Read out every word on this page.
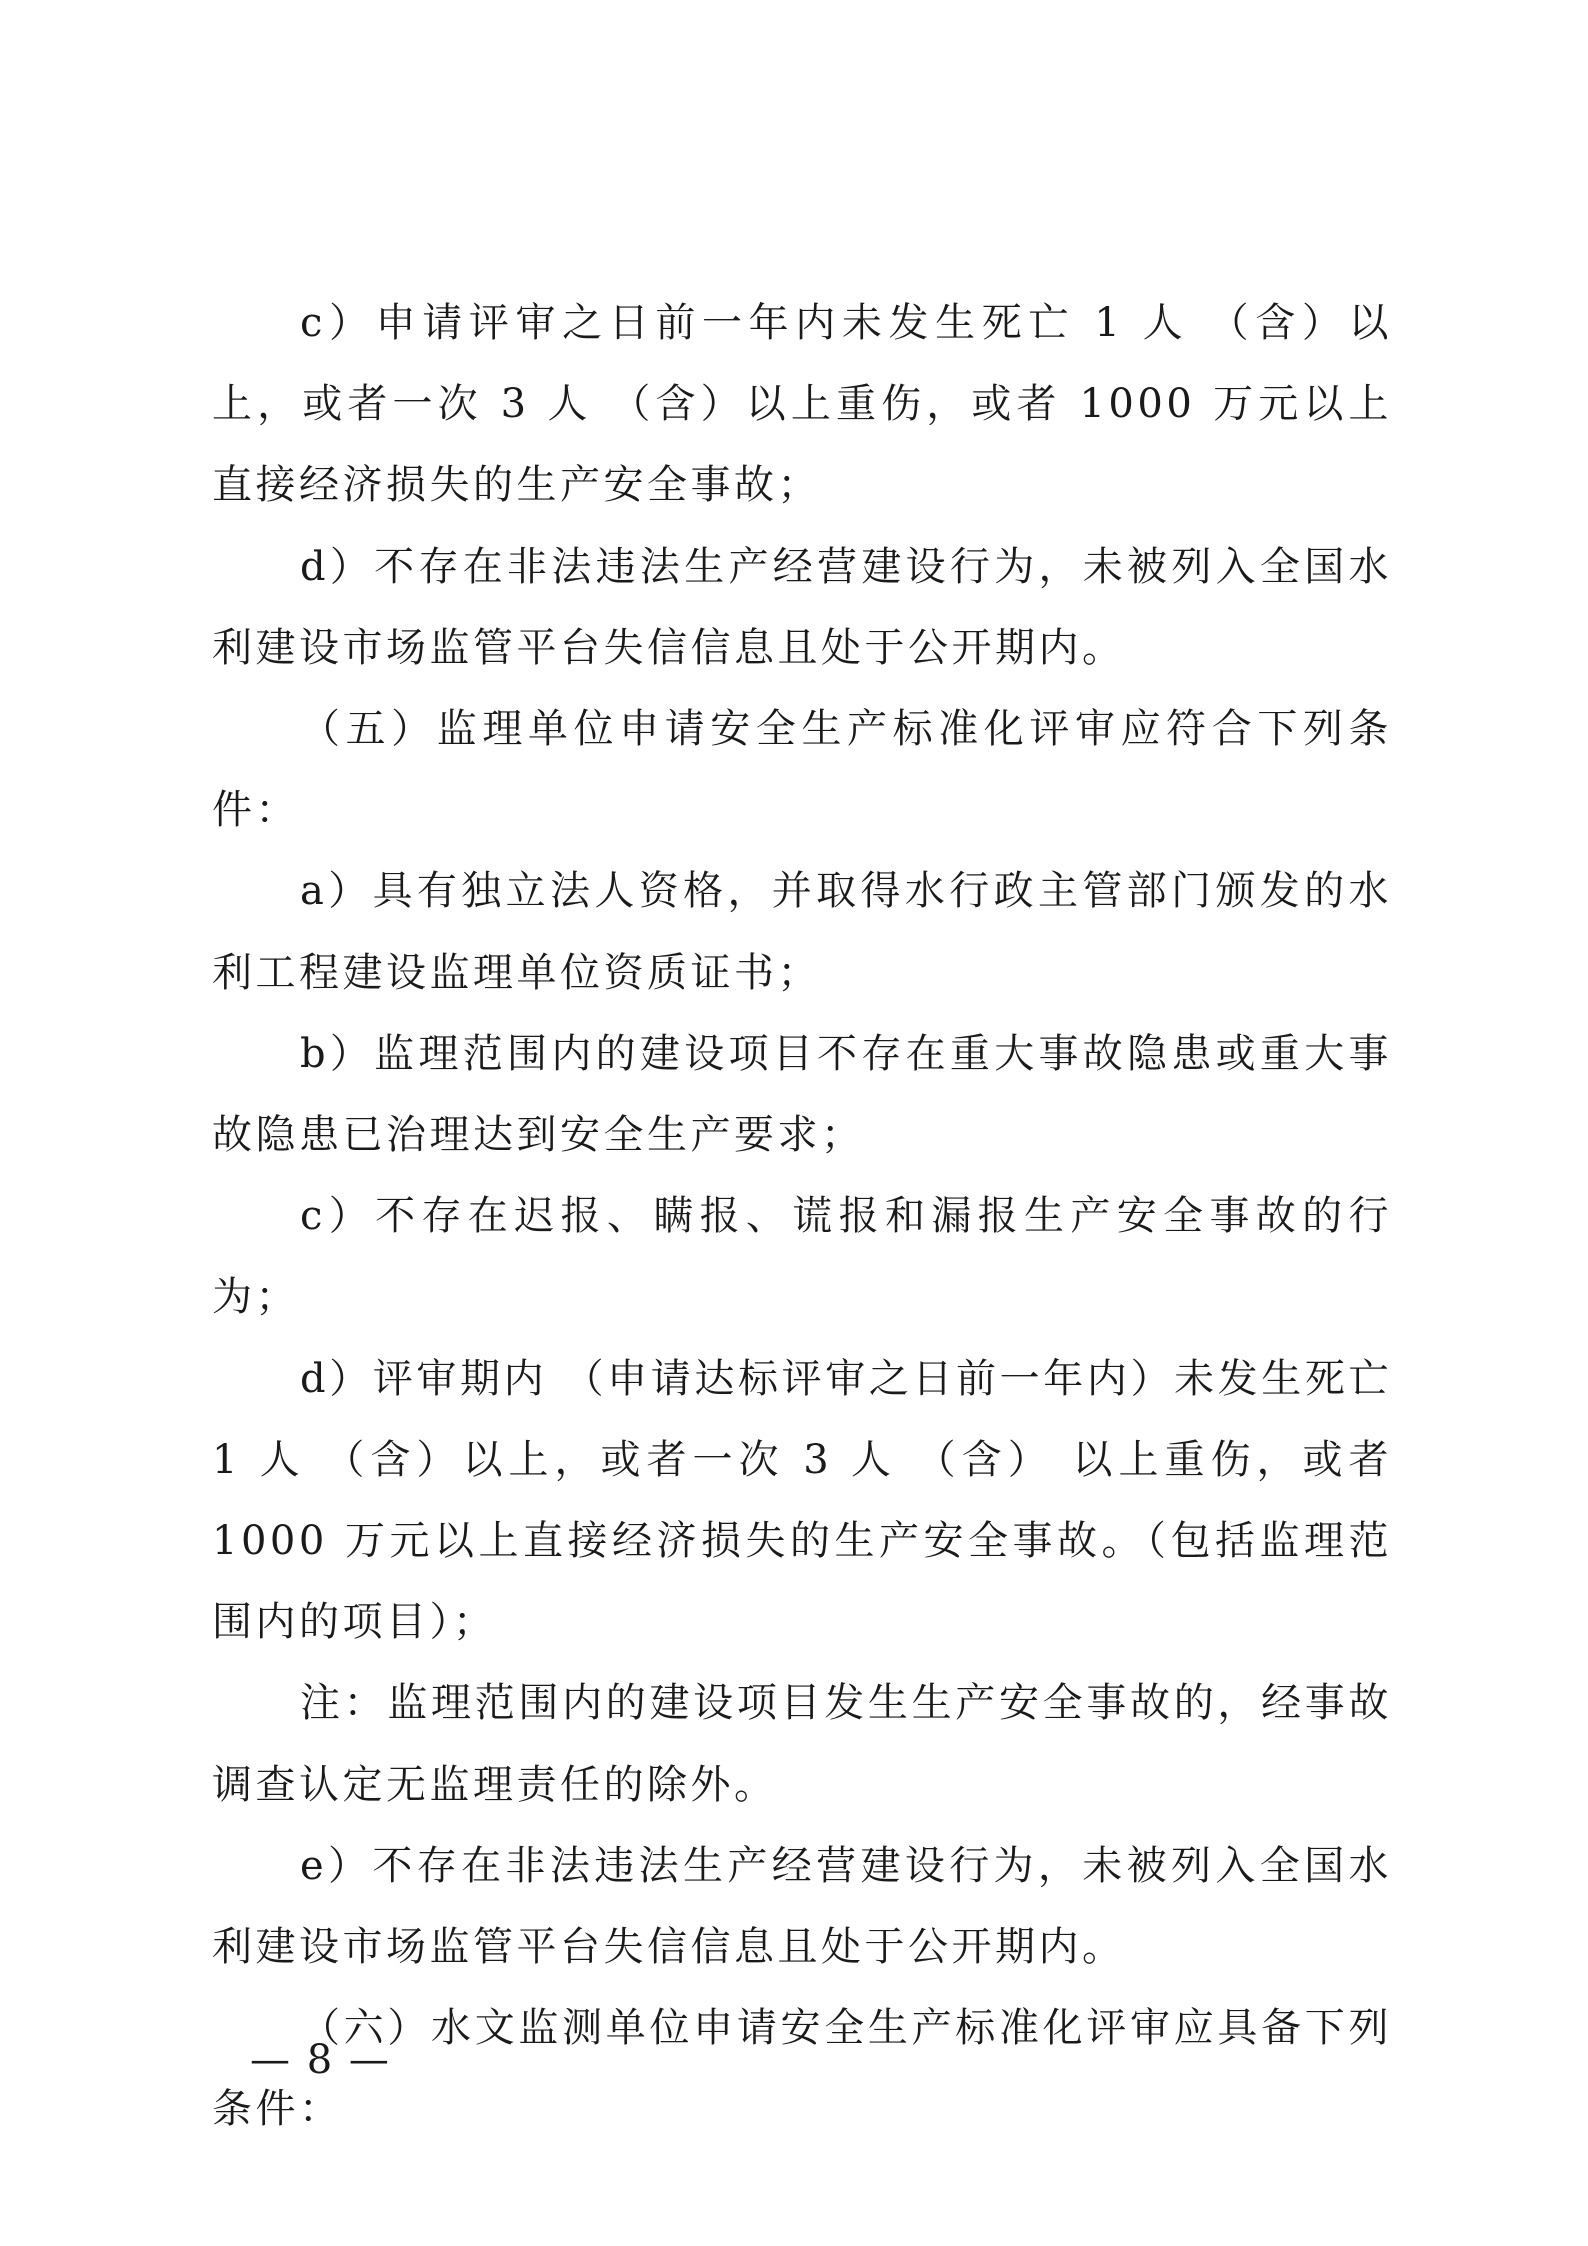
c）申请评审之日前一年内未发生死亡 1 人 （含）以上，或者一次 3 人 （含）以上重伤，或者 1000 万元以上直接经济损失的生产安全事故；

d）不存在非法违法生产经营建设行为，未被列入全国水利建设市场监管平台失信信息且处于公开期内。

（五）监理单位申请安全生产标准化评审应符合下列条件：

a）具有独立法人资格，并取得水行政主管部门颁发的水利工程建设监理单位资质证书；

b）监理范围内的建设项目不存在重大事故隐患或重大事故隐患已治理达到安全生产要求；

c）不存在迟报、瞒报、谎报和漏报生产安全事故的行为；

d）评审期内 （申请达标评审之日前一年内）未发生死亡 1 人 （含）以上，或者一次 3 人 （含） 以上重伤，或者 1000 万元以上直接经济损失的生产安全事故。（包括监理范围内的项目）；

注：监理范围内的建设项目发生生产安全事故的，经事故调查认定无监理责任的除外。

e）不存在非法违法生产经营建设行为，未被列入全国水利建设市场监管平台失信信息且处于公开期内。

（六）水文监测单位申请安全生产标准化评审应具备下列条件：

— 8 —
